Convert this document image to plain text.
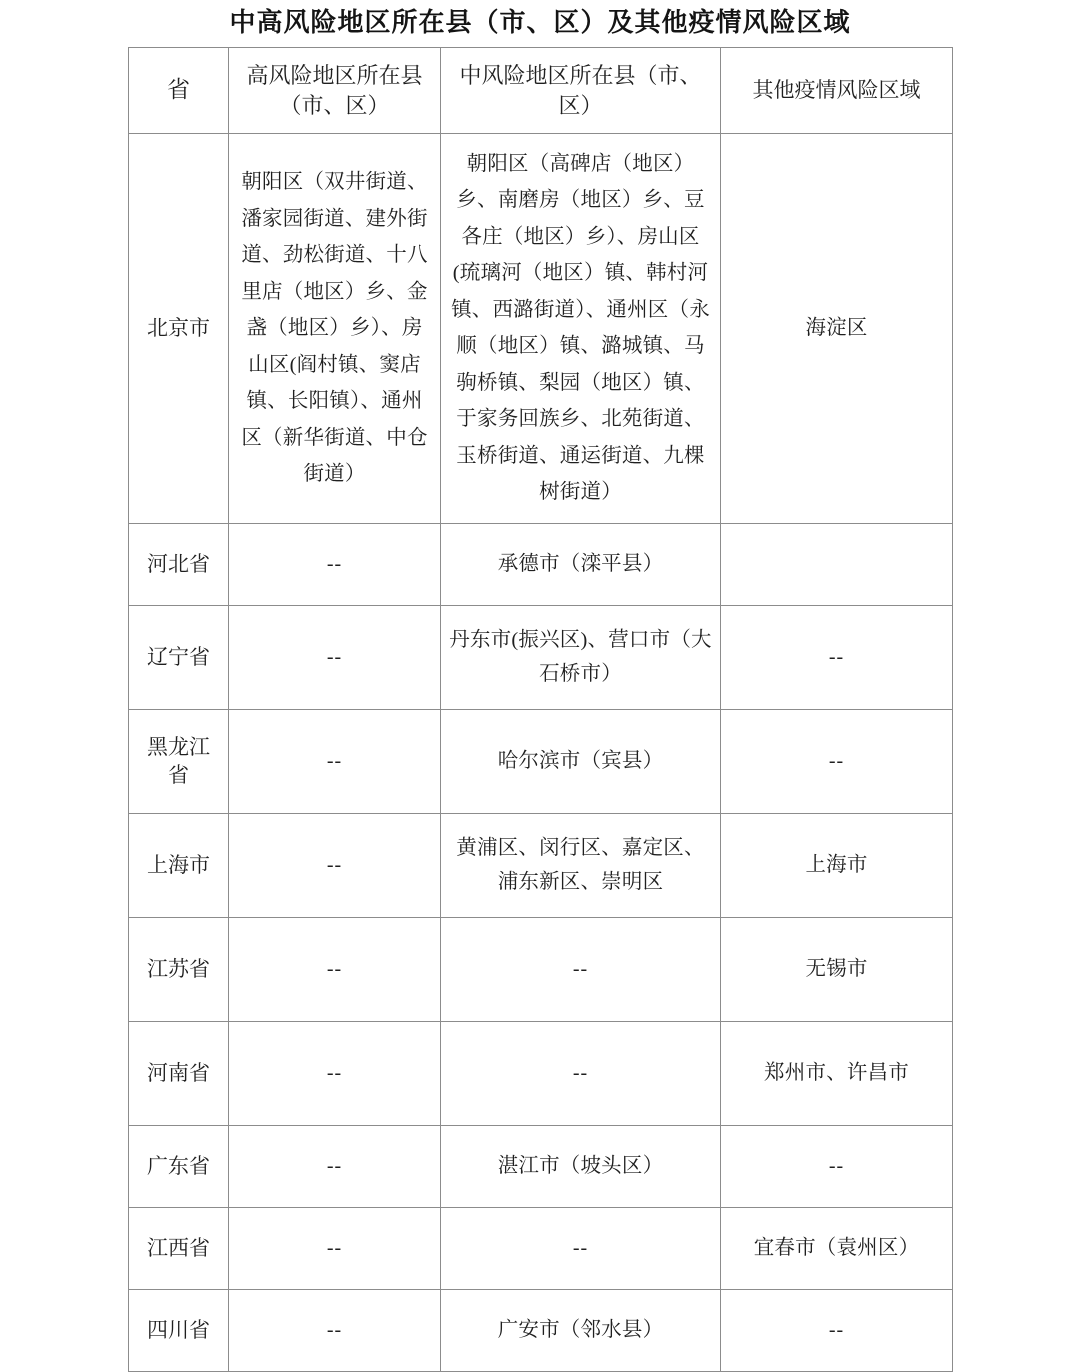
中高风险地区所在县（市、区）及其他疫情风险区域
省	高风险地区所在县（市、区）	中风险地区所在县（市、区）	其他疫情风险区域
北京市	朝阳区（双井街道、潘家园街道、建外街道、劲松街道、十八里店（地区）乡、金盏（地区）乡）、房山区(阎村镇、窦店镇、长阳镇）、通州区（新华街道、中仓街道）	朝阳区（高碑店（地区）乡、南磨房（地区）乡、豆各庄（地区）乡）、房山区(琉璃河（地区）镇、韩村河镇、西潞街道）、通州区（永顺（地区）镇、潞城镇、马驹桥镇、梨园（地区）镇、于家务回族乡、北苑街道、玉桥街道、通运街道、九棵树街道）	海淀区
河北省	--	承德市（滦平县）	
辽宁省	--	丹东市(振兴区)、营口市（大石桥市）	--
黑龙江省	--	哈尔滨市（宾县）	--
上海市	--	黄浦区、闵行区、嘉定区、浦东新区、崇明区	上海市
江苏省	--	--	无锡市
河南省	--	--	郑州市、许昌市
广东省	--	湛江市（坡头区）	--
江西省	--	--	宜春市（袁州区）
四川省	--	广安市（邻水县）	--
